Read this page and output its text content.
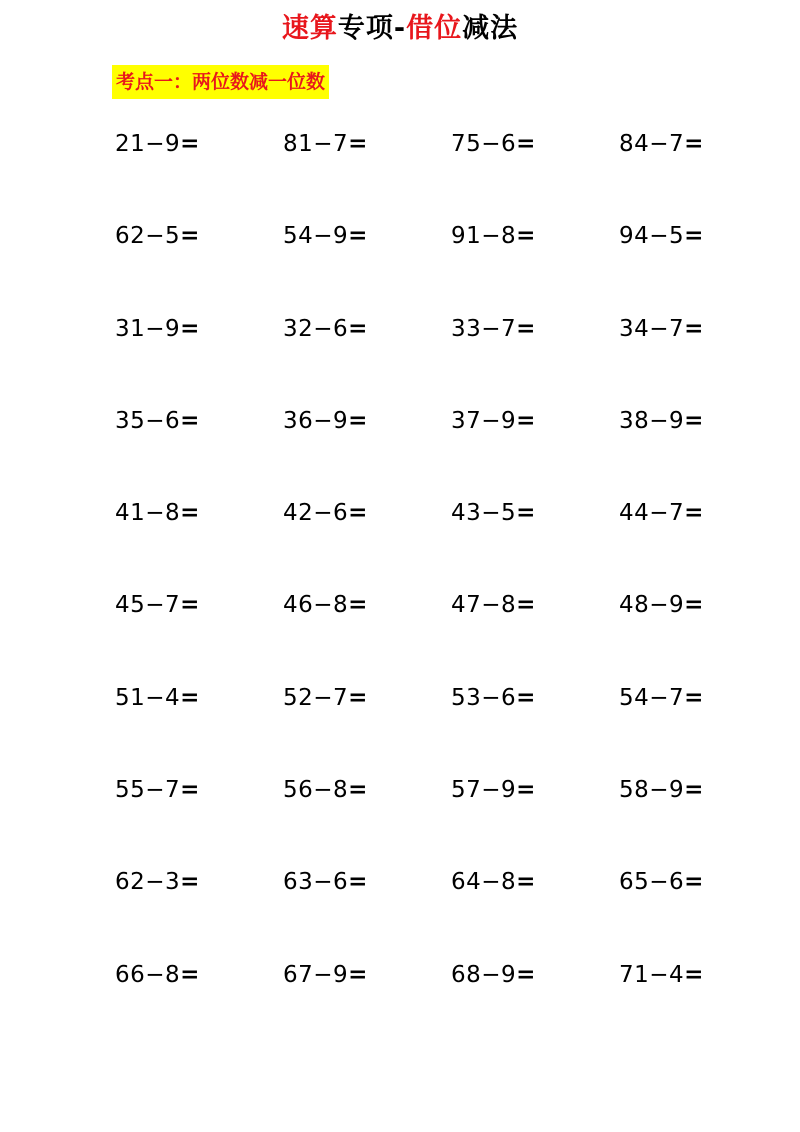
速算专项-借位减法
考点一：两位数减一位数
21−9=	81−7=	75−6=	84−7=
62−5=	54−9=	91−8=	94−5=
31−9=	32−6=	33−7=	34−7=
35−6=	36−9=	37−9=	38−9=
41−8=	42−6=	43−5=	44−7=
45−7=	46−8=	47−8=	48−9=
51−4=	52−7=	53−6=	54−7=
55−7=	56−8=	57−9=	58−9=
62−3=	63−6=	64−8=	65−6=
66−8=	67−9=	68−9=	71−4=
